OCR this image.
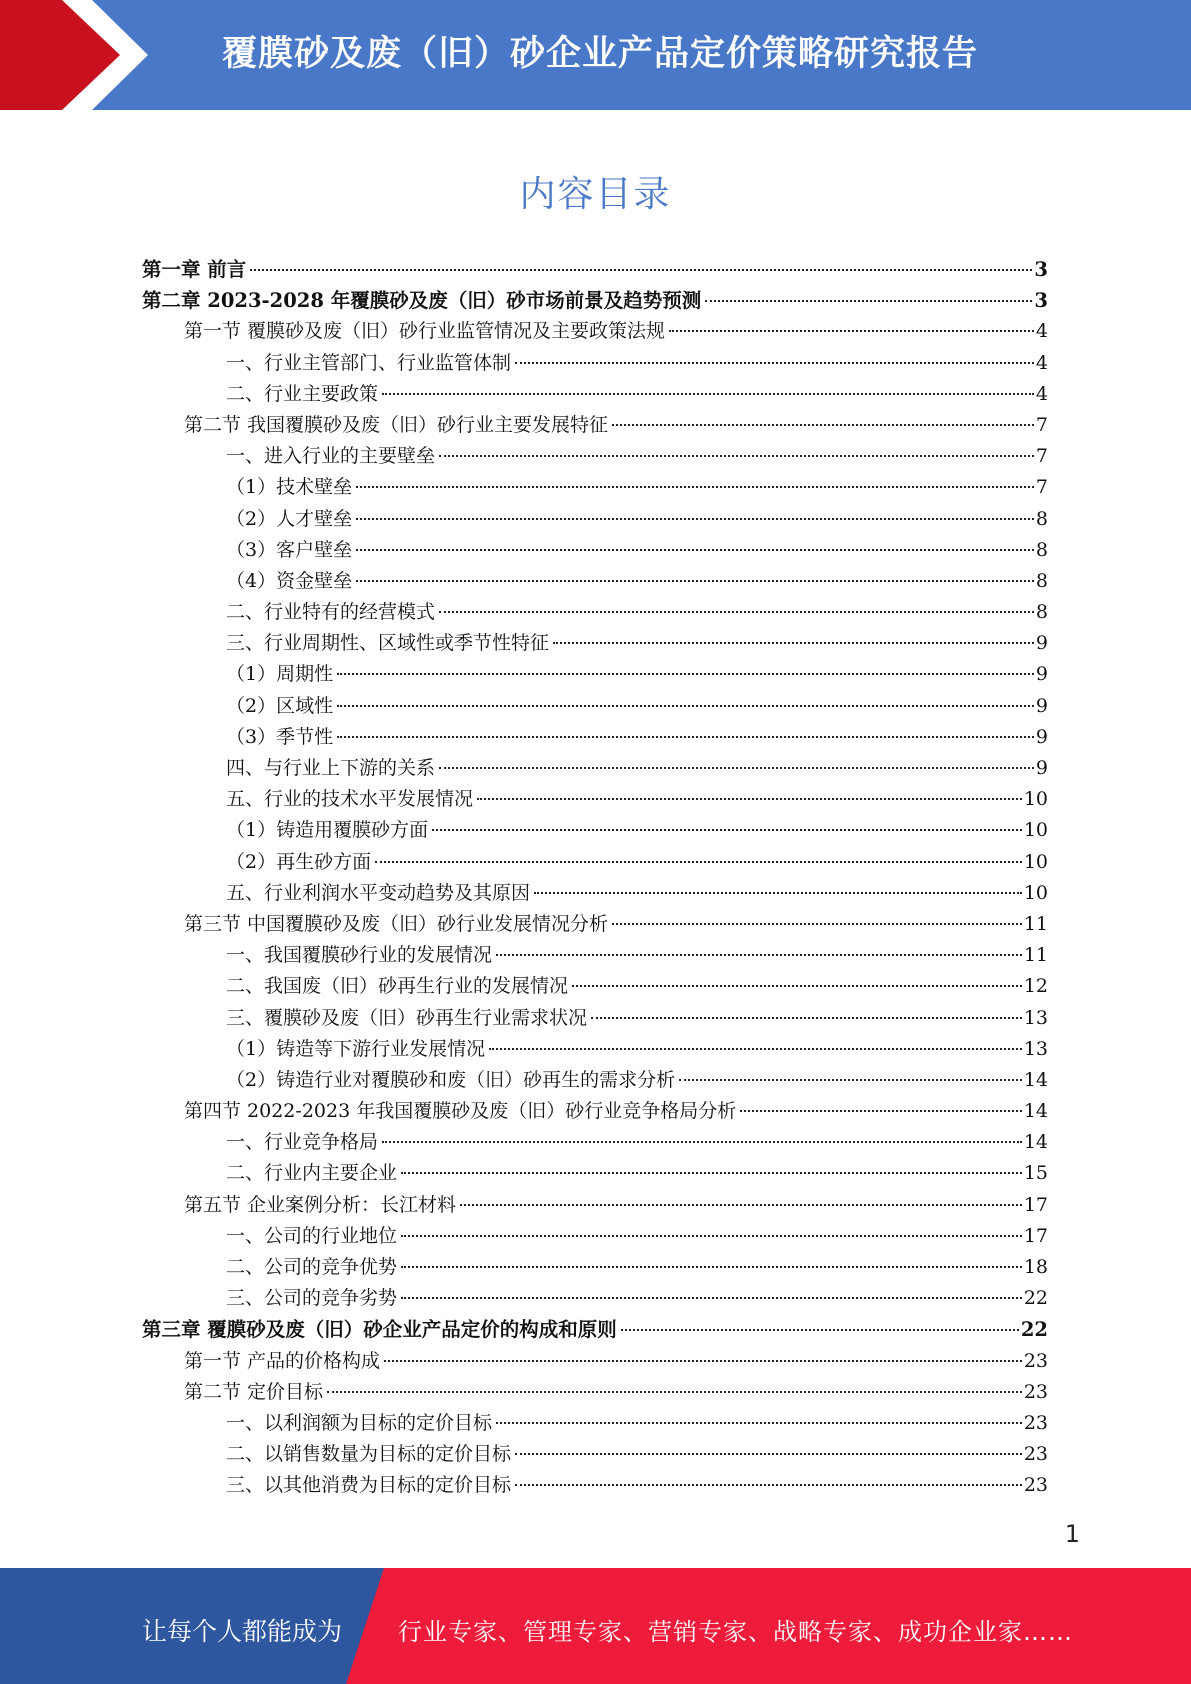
覆膜砂及废（旧）砂企业产品定价策略研究报告
内容目录
第一章 前言	3
第二章 2023-2028 年覆膜砂及废（旧）砂市场前景及趋势预测	3
第一节 覆膜砂及废（旧）砂行业监管情况及主要政策法规	4
一、行业主管部门、行业监管体制	4
二、行业主要政策	4
第二节 我国覆膜砂及废（旧）砂行业主要发展特征	7
一、进入行业的主要壁垒	7
（1）技术壁垒	7
（2）人才壁垒	8
（3）客户壁垒	8
（4）资金壁垒	8
二、行业特有的经营模式	8
三、行业周期性、区域性或季节性特征	9
（1）周期性	9
（2）区域性	9
（3）季节性	9
四、与行业上下游的关系	9
五、行业的技术水平发展情况	10
（1）铸造用覆膜砂方面	10
（2）再生砂方面	10
五、行业利润水平变动趋势及其原因	10
第三节 中国覆膜砂及废（旧）砂行业发展情况分析	11
一、我国覆膜砂行业的发展情况	11
二、我国废（旧）砂再生行业的发展情况	12
三、覆膜砂及废（旧）砂再生行业需求状况	13
（1）铸造等下游行业发展情况	13
（2）铸造行业对覆膜砂和废（旧）砂再生的需求分析	14
第四节 2022-2023 年我国覆膜砂及废（旧）砂行业竞争格局分析	14
一、行业竞争格局	14
二、行业内主要企业	15
第五节 企业案例分析：长江材料	17
一、公司的行业地位	17
二、公司的竞争优势	18
三、公司的竞争劣势	22
第三章 覆膜砂及废（旧）砂企业产品定价的构成和原则	22
第一节 产品的价格构成	23
第二节 定价目标	23
一、以利润额为目标的定价目标	23
二、以销售数量为目标的定价目标	23
三、以其他消费为目标的定价目标	23
1
让每个人都能成为 行业专家、管理专家、营销专家、战略专家、成功企业家……
